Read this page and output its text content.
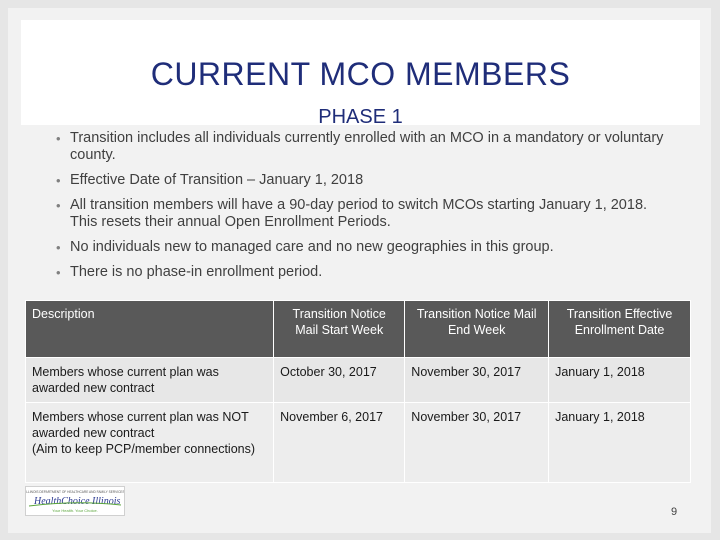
CURRENT MCO MEMBERS
PHASE 1
• Transition includes all individuals currently enrolled with an MCO in a mandatory or voluntary county.
• Effective Date of Transition – January 1, 2018
• All transition members will have a 90-day period to switch MCOs starting January 1, 2018. This resets their annual Open Enrollment Periods.
• No individuals new to managed care and no new geographies in this group.
• There is no phase-in enrollment period.
Description	Transition Notice Mail Start Week	Transition Notice Mail End Week	Transition Effective Enrollment Date
Members whose current plan was awarded new contract	October 30, 2017	November 30, 2017	January 1, 2018
Members whose current plan was NOT awarded new contract
(Aim to keep PCP/member connections)	November 6, 2017	November 30, 2017	January 1, 2018
ILLINOIS DEPARTMENT OF HEALTHCARE AND FAMILY SERVICES
HealthChoice Illinois
Your Health. Your Choice.	9
